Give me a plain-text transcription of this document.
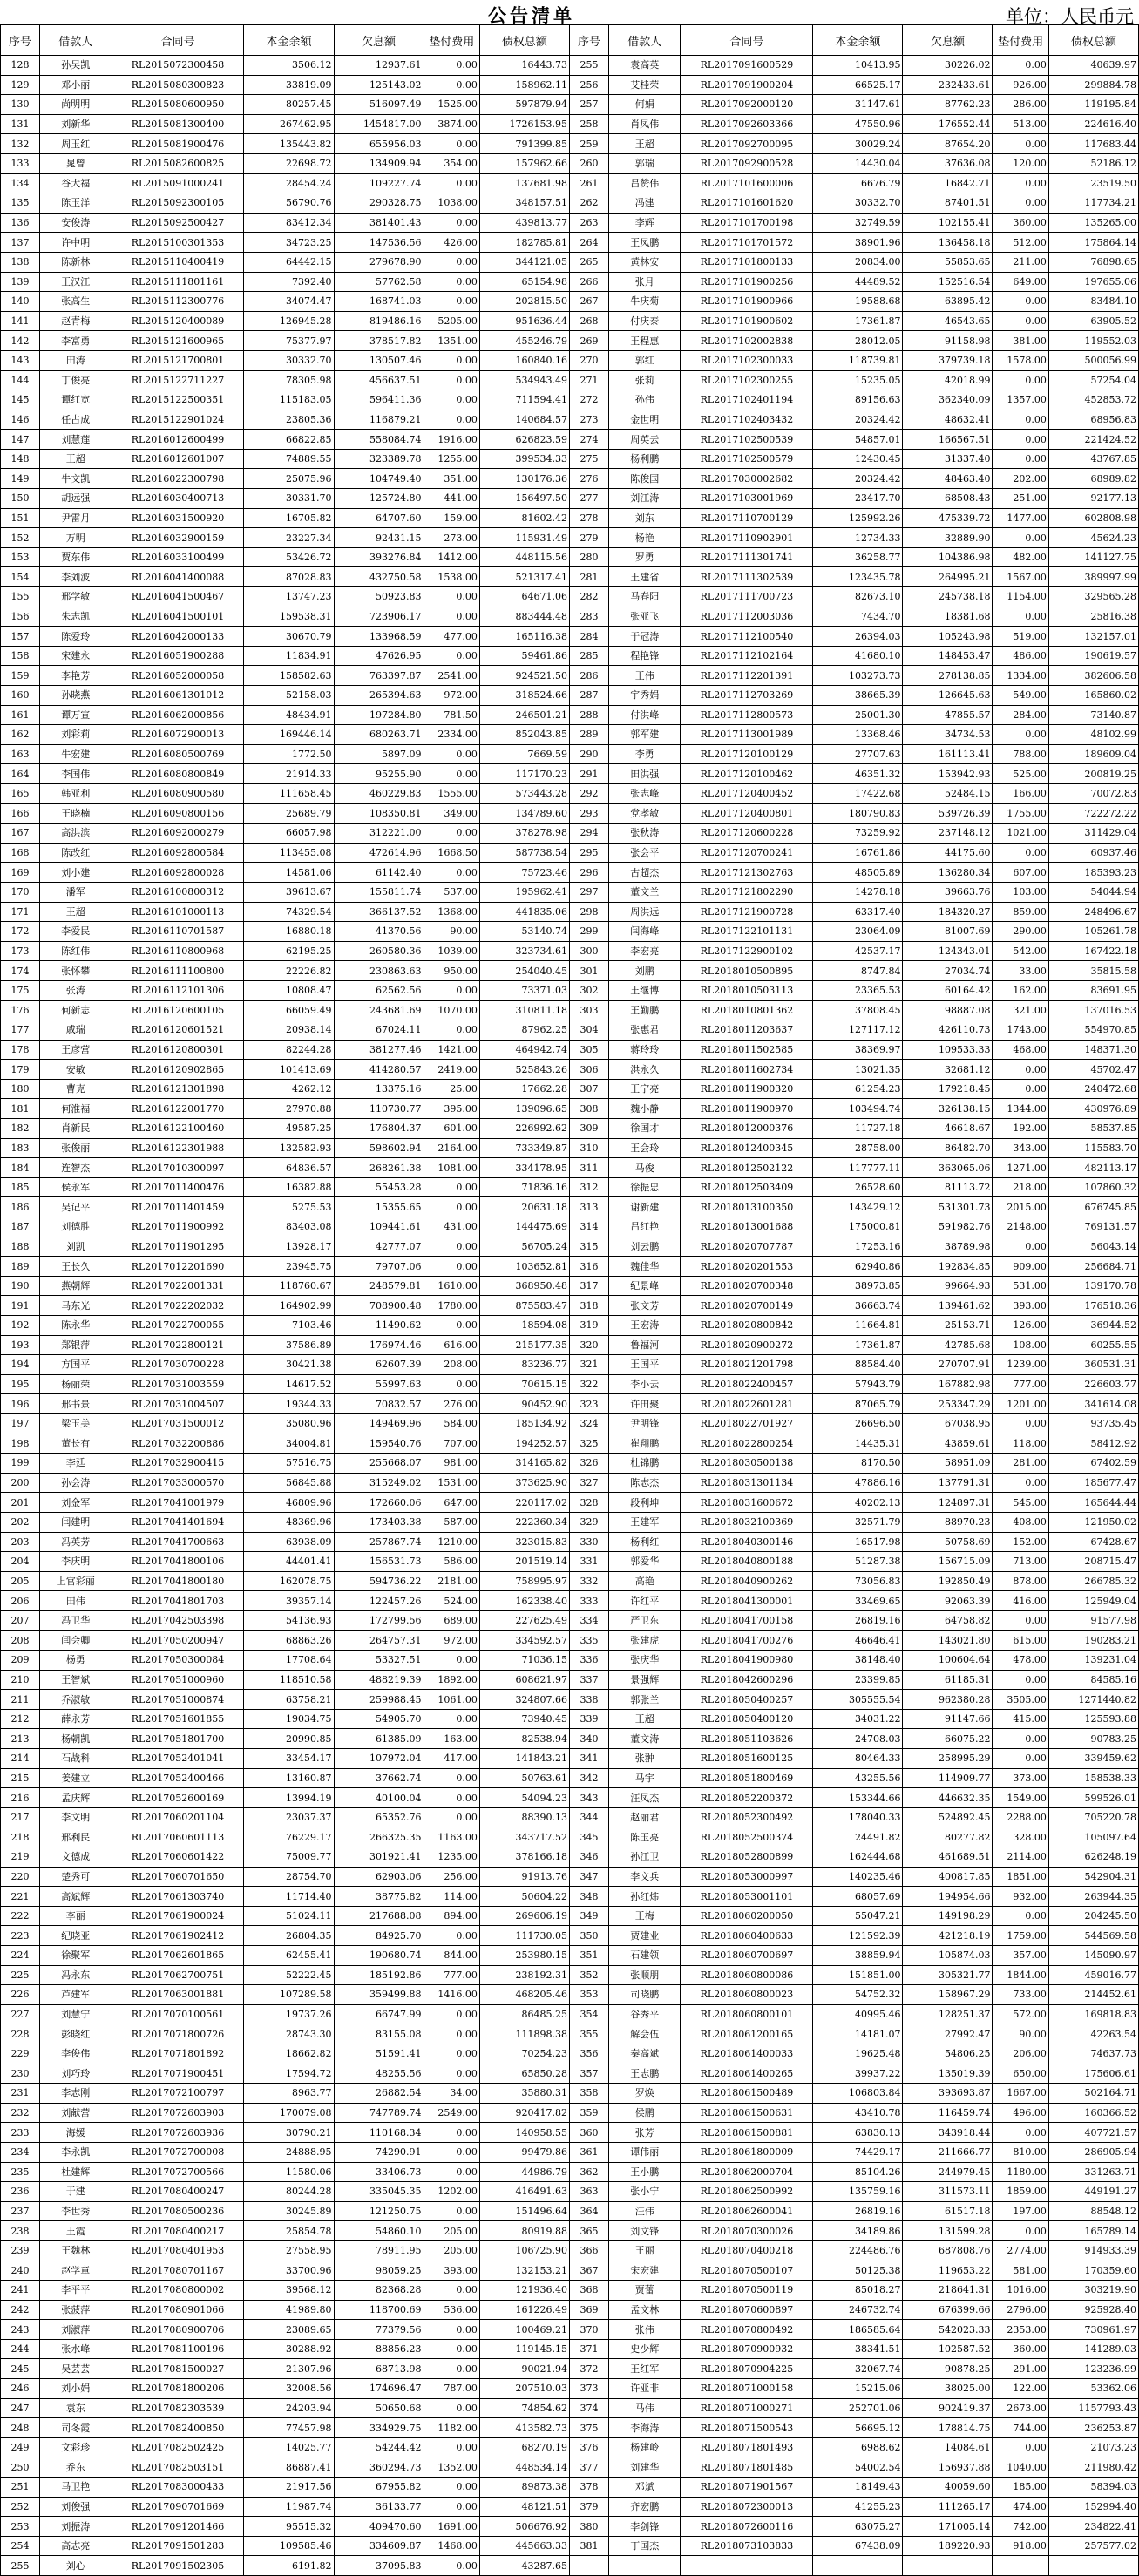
公告清单	单位：人民币元
序号	借款人	合同号	本金余额	欠息额	垫付费用	债权总额	序号	借款人	合同号	本金余额	欠息额	垫付费用	债权总额
128	孙吴凯	RL2015072300458	3506.12	12937.61	0.00	16443.73	255	袁高英	RL2017091600529	10413.95	30226.02	0.00	40639.97
129	邓小丽	RL2015080300823	33819.09	125143.02	0.00	158962.11	256	艾桂荣	RL2017091900204	66525.17	232433.61	926.00	299884.78
130	尚明明	RL2015080600950	80257.45	516097.49	1525.00	597879.94	257	何娟	RL2017092000120	31147.61	87762.23	286.00	119195.84
131	刘新华	RL2015081300400	267462.95	1454817.00	3874.00	1726153.95	258	肖凤伟	RL2017092603366	47550.96	176552.44	513.00	224616.40
132	周玉红	RL2015081900476	135443.82	655956.03	0.00	791399.85	259	王超	RL2017092700095	30029.24	87654.20	0.00	117683.44
133	晁曾	RL2015082600825	22698.72	134909.94	354.00	157962.66	260	郭瑞	RL2017092900528	14430.04	37636.08	120.00	52186.12
134	谷大福	RL2015091000241	28454.24	109227.74	0.00	137681.98	261	吕赞伟	RL2017101600006	6676.79	16842.71	0.00	23519.50
135	陈玉洋	RL2015092300105	56790.76	290328.75	1038.00	348157.51	262	冯建	RL2017101601620	30332.70	87401.51	0.00	117734.21
136	安俊涛	RL2015092500427	83412.34	381401.43	0.00	439813.77	263	李辉	RL2017101700198	32749.59	102155.41	360.00	135265.00
137	许中明	RL2015100301353	34723.25	147536.56	426.00	182785.81	264	王凤鹏	RL2017101701572	38901.96	136458.18	512.00	175864.14
138	陈新林	RL2015110400419	64442.15	279678.90	0.00	344121.05	265	黄林安	RL2017101800133	20834.00	55853.65	211.00	76898.65
139	王汉江	RL2015111801161	7392.40	57762.58	0.00	65154.98	266	张月	RL2017101900256	44489.52	152516.54	649.00	197655.06
140	张高生	RL2015112300776	34074.47	168741.03	0.00	202815.50	267	牛庆菊	RL2017101900966	19588.68	63895.42	0.00	83484.10
141	赵青梅	RL2015120400089	126945.28	819486.16	5205.00	951636.44	268	付庆泰	RL2017101900602	17361.87	46543.65	0.00	63905.52
142	李富勇	RL2015121600965	75377.97	378517.82	1351.00	455246.79	269	王程惠	RL2017102002838	28012.05	91158.98	381.00	119552.03
143	田涛	RL2015121700801	30332.70	130507.46	0.00	160840.16	270	郭红	RL2017102300033	118739.81	379739.18	1578.00	500056.99
144	丁俊亮	RL2015122711227	78305.98	456637.51	0.00	534943.49	271	张莉	RL2017102300255	15235.05	42018.99	0.00	57254.04
145	谭红宽	RL2015122500351	115183.05	596411.36	0.00	711594.41	272	孙伟	RL2017102401194	89156.63	362340.09	1357.00	452853.72
146	任占成	RL2015122901024	23805.36	116879.21	0.00	140684.57	273	金世明	RL2017102403432	20324.42	48632.41	0.00	68956.83
147	刘慧莲	RL2016012600499	66822.85	558084.74	1916.00	626823.59	274	周英云	RL2017102500539	54857.01	166567.51	0.00	221424.52
148	王超	RL2016012601007	74889.55	323389.78	1255.00	399534.33	275	杨利鹏	RL2017102500579	12430.45	31337.40	0.00	43767.85
149	牛文凯	RL2016022300798	25075.96	104749.40	351.00	130176.36	276	陈俊国	RL2017030002682	20324.42	48463.40	202.00	68989.82
150	胡远强	RL2016030400713	30331.70	125724.80	441.00	156497.50	277	刘江涛	RL2017103001969	23417.70	68508.43	251.00	92177.13
151	尹雷月	RL2016031500920	16705.82	64707.60	159.00	81602.42	278	刘东	RL2017110700129	125992.26	475339.72	1477.00	602808.98
152	万明	RL2016032900159	23227.34	92431.15	273.00	115931.49	279	杨艳	RL2017110902901	12734.33	32889.90	0.00	45624.23
153	贾东伟	RL2016033100499	53426.72	393276.84	1412.00	448115.56	280	罗勇	RL2017111301741	36258.77	104386.98	482.00	141127.75
154	李刘波	RL2016041400088	87028.83	432750.58	1538.00	521317.41	281	王建省	RL2017111302539	123435.78	264995.21	1567.00	389997.99
155	邢学敏	RL2016041500467	13747.23	50923.83	0.00	64671.06	282	马春阳	RL2017111700723	82673.10	245738.18	1154.00	329565.28
156	朱志凯	RL2016041500101	159538.31	723906.17	0.00	883444.48	283	张亚飞	RL2017112003036	7434.70	18381.68	0.00	25816.38
157	陈爱玲	RL2016042000133	30670.79	133968.59	477.00	165116.38	284	于冠涛	RL2017112100540	26394.03	105243.98	519.00	132157.01
158	宋建永	RL2016051900288	11834.91	47626.95	0.00	59461.86	285	程艳锋	RL2017112102164	41680.10	148453.47	486.00	190619.57
159	李艳芳	RL2016052000058	158582.63	763397.87	2541.00	924521.50	286	王伟	RL2017112201391	103273.73	278138.85	1334.00	382606.58
160	孙晓燕	RL2016061301012	52158.03	265394.63	972.00	318524.66	287	宇秀娟	RL2017112703269	38665.39	126645.63	549.00	165860.02
161	谭万宣	RL2016062000856	48434.91	197284.80	781.50	246501.21	288	付洪峰	RL2017112800573	25001.30	47855.57	284.00	73140.87
162	刘彩莉	RL2016072900013	169446.14	680263.71	2334.00	852043.85	289	郭军建	RL2017113001989	13368.46	34734.53	0.00	48102.99
163	牛宏建	RL2016080500769	1772.50	5897.09	0.00	7669.59	290	李勇	RL2017120100129	27707.63	161113.41	788.00	189609.04
164	李国伟	RL2016080800849	21914.33	95255.90	0.00	117170.23	291	田洪强	RL2017120100462	46351.32	153942.93	525.00	200819.25
165	韩亚利	RL2016080900580	111658.45	460229.83	1555.00	573443.28	292	张志峰	RL2017120400452	17422.68	52484.15	166.00	70072.83
166	王晓楠	RL2016090800156	25689.79	108350.81	349.00	134789.60	293	党孝敏	RL2017120400801	180790.83	539726.39	1755.00	722272.22
167	高洪滨	RL2016092000279	66057.98	312221.00	0.00	378278.98	294	张秋涛	RL2017120600228	73259.92	237148.12	1021.00	311429.04
168	陈改红	RL2016092800584	113455.08	472614.96	1668.50	587738.54	295	张会平	RL2017120700241	16761.86	44175.60	0.00	60937.46
169	刘小建	RL2016092800028	14581.06	61142.40	0.00	75723.46	296	古超杰	RL2017121302763	48505.89	136280.34	607.00	185393.23
170	潘军	RL2016100800312	39613.67	155811.74	537.00	195962.41	297	董文兰	RL2017121802290	14278.18	39663.76	103.00	54044.94
171	王超	RL2016101000113	74329.54	366137.52	1368.00	441835.06	298	周洪远	RL2017121900728	63317.40	184320.27	859.00	248496.67
172	李爱民	RL2016110701587	16880.18	41370.56	90.00	53140.74	299	闫海峰	RL2017122101131	23064.09	81007.69	290.00	105261.78
173	陈红伟	RL2016110800968	62195.25	260580.36	1039.00	323734.61	300	李宏亮	RL2017122900102	42537.17	124343.01	542.00	167422.18
174	张怀攀	RL2016111100800	22226.82	230863.63	950.00	254040.45	301	刘鹏	RL2018010500895	8747.84	27034.74	33.00	35815.58
175	张涛	RL2016112101306	10808.47	62562.56	0.00	73371.03	302	王继博	RL2018010503113	23365.53	60164.42	162.00	83691.95
176	何新志	RL2016120600105	66059.49	243681.69	1070.00	310811.18	303	王勤鹏	RL2018010801362	37808.45	98887.08	321.00	137016.53
177	戚瑞	RL2016120601521	20938.14	67024.11	0.00	87962.25	304	张惠君	RL2018011203637	127117.12	426110.73	1743.00	554970.85
178	王彦营	RL2016120800301	82244.28	381277.46	1421.00	464942.74	305	蒋玲玲	RL2018011502585	38369.97	109533.33	468.00	148371.30
179	安敏	RL2016120902865	101413.69	414280.57	2419.00	525843.26	306	洪永久	RL2018011602734	13021.35	32681.12	0.00	45702.47
180	曹克	RL2016121301898	4262.12	13375.16	25.00	17662.28	307	王宁亮	RL2018011900320	61254.23	179218.45	0.00	240472.68
181	何淮福	RL2016122001770	27970.88	110730.77	395.00	139096.65	308	魏小静	RL2018011900970	103494.74	326138.15	1344.00	430976.89
182	肖新民	RL2016122100460	49587.25	176804.37	601.00	226992.62	309	徐国才	RL2018012000376	11727.18	46618.67	192.00	58537.85
183	张俊丽	RL2016122301988	132582.93	598602.94	2164.00	733349.87	310	王会玲	RL2018012400345	28758.00	86482.70	343.00	115583.70
184	连智杰	RL2017010300097	64836.57	268261.38	1081.00	334178.95	311	马俊	RL2018012502122	117777.11	363065.06	1271.00	482113.17
185	侯永军	RL2017011400476	16382.88	55453.28	0.00	71836.16	312	徐振忠	RL2018012503409	26528.60	81113.72	218.00	107860.32
186	吴记平	RL2017011401459	5275.53	15355.65	0.00	20631.18	313	谢新建	RL2018013100350	143429.12	531301.73	2015.00	676745.85
187	刘德胜	RL2017011900992	83403.08	109441.61	431.00	144475.69	314	吕红艳	RL2018013001688	175000.81	591982.76	2148.00	769131.57
188	刘凯	RL2017011901295	13928.17	42777.07	0.00	56705.24	315	刘云鹏	RL2018020707787	17253.16	38789.98	0.00	56043.14
189	王长久	RL2017012201690	23945.75	79707.06	0.00	103652.81	316	魏佳华	RL2018020201553	62940.86	192834.85	909.00	256684.71
190	燕朝辉	RL2017022001331	118760.67	248579.81	1610.00	368950.48	317	纪景峰	RL2018020700348	38973.85	99664.93	531.00	139170.78
191	马东光	RL2017022202032	164902.99	708900.48	1780.00	875583.47	318	张文芳	RL2018020700149	36663.74	139461.62	393.00	176518.36
192	陈永华	RL2017022700055	7103.46	11490.62	0.00	18594.08	319	王宏涛	RL2018020800842	11664.81	25153.71	126.00	36944.52
193	郑银萍	RL2017022800121	37586.89	176974.46	616.00	215177.35	320	鲁福河	RL2018020900272	17361.87	42785.68	108.00	60255.55
194	方国平	RL2017030700228	30421.38	62607.39	208.00	83236.77	321	王国平	RL2018021201798	88584.40	270707.91	1239.00	360531.31
195	杨丽荣	RL2017031003559	14617.52	55997.63	0.00	70615.15	322	李小云	RL2018022400457	57943.79	167882.98	777.00	226603.77
196	邢书景	RL2017031004507	19344.33	70832.57	276.00	90452.90	323	许田聚	RL2018022601281	87065.79	253347.29	1201.00	341614.08
197	梁玉美	RL2017031500012	35080.96	149469.96	584.00	185134.92	324	尹明锋	RL2018022701927	26696.50	67038.95	0.00	93735.45
198	董长有	RL2017032200886	34004.81	159540.76	707.00	194252.57	325	崔翔鹏	RL2018022800254	14435.31	43859.61	118.00	58412.92
199	李廷	RL2017032900415	57516.75	255668.07	981.00	314165.82	326	杜锦鹏	RL2018030500138	8170.50	58951.09	281.00	67402.59
200	孙会涛	RL2017033000570	56845.88	315249.02	1531.00	373625.90	327	陈志杰	RL2018031301134	47886.16	137791.31	0.00	185677.47
201	刘金军	RL2017041001979	46809.96	172660.06	647.00	220117.02	328	段利坤	RL2018031600672	40202.13	124897.31	545.00	165644.44
202	闫建明	RL2017041401694	48369.96	173403.38	587.00	222360.34	329	王建军	RL2018032100369	32571.79	88970.23	408.00	121950.02
203	冯英芳	RL2017041700663	63938.09	257867.74	1210.00	323015.83	330	杨利红	RL2018040300146	16517.98	50758.69	152.00	67428.67
204	李庆明	RL2017041800106	44401.41	156531.73	586.00	201519.14	331	郭爱华	RL2018040800188	51287.38	156715.09	713.00	208715.47
205	上官彩丽	RL2017041800180	162078.75	594736.22	2181.00	758995.97	332	高艳	RL2018040900262	73056.83	192850.49	878.00	266785.32
206	田伟	RL2017041801703	39357.14	122457.26	524.00	162338.40	333	许红平	RL2018041300001	33469.65	92063.39	416.00	125949.04
207	冯卫华	RL2017042503398	54136.93	172799.56	689.00	227625.49	334	严卫东	RL2018041700158	26819.16	64758.82	0.00	91577.98
208	闫会卿	RL2017050200947	68863.26	264757.31	972.00	334592.57	335	张建虎	RL2018041700276	46646.41	143021.80	615.00	190283.21
209	杨勇	RL2017050300084	17708.64	53327.51	0.00	71036.15	336	张庆华	RL2018041900980	38148.40	100604.64	478.00	139231.04
210	王智斌	RL2017051000960	118510.58	488219.39	1892.00	608621.97	337	景强辉	RL2018042600296	23399.85	61185.31	0.00	84585.16
211	乔淑敏	RL2017051000874	63758.21	259988.45	1061.00	324807.66	338	郭张兰	RL2018050400257	305555.54	962380.28	3505.00	1271440.82
212	薛永芳	RL2017051601855	19034.75	54905.70	0.00	73940.45	339	王超	RL2018050400120	34031.22	91147.66	415.00	125593.88
213	杨朝凯	RL2017051801700	20990.85	61385.09	163.00	82538.94	340	董文涛	RL2018051103626	24708.03	66075.22	0.00	90783.25
214	石战科	RL2017052401041	33454.17	107972.04	417.00	141843.21	341	张翀	RL2018051600125	80464.33	258995.29	0.00	339459.62
215	姜建立	RL2017052400466	13160.87	37662.74	0.00	50763.61	342	马宇	RL2018051800469	43255.56	114909.77	373.00	158538.33
216	孟庆辉	RL2017052600169	13994.19	40100.04	0.00	54094.23	343	汪凤杰	RL2018052200372	153344.66	446632.35	1549.00	599526.01
217	李文明	RL2017060201104	23037.37	65352.76	0.00	88390.13	344	赵丽君	RL2018052300492	178040.33	524892.45	2288.00	705220.78
218	邢利民	RL2017060601113	76229.17	266325.35	1163.00	343717.52	345	陈玉亮	RL2018052500374	24491.82	80277.82	328.00	105097.64
219	文德成	RL2017060601422	75009.77	301921.41	1235.00	378166.18	346	孙江卫	RL2018052800899	162444.68	461689.51	2114.00	626248.19
220	楚秀可	RL2017060701650	28754.70	62903.06	256.00	91913.76	347	李文兵	RL2018053000997	140235.46	400817.85	1851.00	542904.31
221	高斌辉	RL2017061303740	11714.40	38775.82	114.00	50604.22	348	孙红炜	RL2018053001101	68057.69	194954.66	932.00	263944.35
222	李丽	RL2017061900024	51024.11	217688.08	894.00	269606.19	349	王梅	RL2018060200050	55047.21	149198.29	0.00	204245.50
223	纪晓亚	RL2017061902412	26804.35	84925.70	0.00	111730.05	350	贾建业	RL2018060400633	121592.39	421218.19	1759.00	544569.58
224	徐聚军	RL2017062601865	62455.41	190680.74	844.00	253980.15	351	石建领	RL2018060700697	38859.94	105874.03	357.00	145090.97
225	冯永东	RL2017062700751	52222.45	185192.86	777.00	238192.31	352	张顺朋	RL2018060800086	151851.00	305321.77	1844.00	459016.77
226	芦建军	RL2017063001881	107289.58	359499.88	1416.00	468205.46	353	司晓鹏	RL2018060800023	54752.32	158967.29	733.00	214452.61
227	刘慧宁	RL2017070100561	19737.26	66747.99	0.00	86485.25	354	谷秀平	RL2018060800101	40995.46	128251.37	572.00	169818.83
228	彭晓红	RL2017071800726	28743.30	83155.08	0.00	111898.38	355	解会伍	RL2018061200165	14181.07	27992.47	90.00	42263.54
229	李俊伟	RL2017071801892	18662.82	51591.41	0.00	70254.23	356	秦高斌	RL2018061400033	19625.48	54806.25	206.00	74637.73
230	刘巧玲	RL2017071900451	17594.72	48255.56	0.00	65850.28	357	王志鹏	RL2018061400265	39937.22	135019.39	650.00	175606.61
231	李志刚	RL2017072100797	8963.77	26882.54	34.00	35880.31	358	罗焕	RL2018061500489	106803.84	393693.87	1667.00	502164.71
232	刘献营	RL2017072603903	170079.08	747789.74	2549.00	920417.82	359	侯鹏	RL2018061500631	43410.78	116459.74	496.00	160366.52
233	海媛	RL2017072603936	30790.21	110168.34	0.00	140958.55	360	张芳	RL2018061500881	63830.13	343918.44	0.00	407721.57
234	李永凯	RL2017072700008	24888.95	74290.91	0.00	99479.86	361	谭伟丽	RL2018061800009	74429.17	211666.77	810.00	286905.94
235	杜建辉	RL2017072700566	11580.06	33406.73	0.00	44986.79	362	王小鹏	RL2018062000704	85104.26	244979.45	1180.00	331263.71
236	于建	RL2017080400247	80244.28	335045.35	1202.00	416491.63	363	张小宁	RL2018062500992	135759.16	311573.11	1859.00	449191.27
237	李世秀	RL2017080500236	30245.89	121250.75	0.00	151496.64	364	汪伟	RL2018062600041	26819.16	61517.18	197.00	88548.12
238	王霞	RL2017080400217	25854.78	54860.10	205.00	80919.88	365	刘文锋	RL2018070300026	34189.86	131599.28	0.00	165789.14
239	王魏林	RL2017080401953	27558.95	78911.95	205.00	106725.90	366	王丽	RL2018070400218	224486.76	687808.76	2774.00	914933.39
240	赵学章	RL2017080701167	33700.96	98059.25	393.00	132153.21	367	宋宏建	RL2018070500107	50125.38	119653.22	581.00	170359.60
241	李平平	RL2017080800002	39568.12	82368.28	0.00	121936.40	368	贾蕾	RL2018070500119	85018.27	218641.31	1016.00	303219.90
242	张菠萍	RL2017080901066	41989.80	118700.69	536.00	161226.49	369	孟文林	RL2018070600897	246732.74	676399.66	2796.00	925928.40
243	刘淑萍	RL2017080900706	23089.65	77379.56	0.00	100469.21	370	张伟	RL2018070800492	186585.64	542023.33	2353.00	730961.97
244	张水峰	RL2017081100196	30288.92	88856.23	0.00	119145.15	371	史少辉	RL2018070900932	38341.51	102587.52	360.00	141289.03
245	吴芸芸	RL2017081500027	21307.96	68713.98	0.00	90021.94	372	王红军	RL2018070904225	32067.74	90878.25	291.00	123236.99
246	刘小娟	RL2017081800206	32008.56	174696.47	787.00	207510.03	373	许亚非	RL2018071000158	15215.06	38025.00	122.00	53362.06
247	袁东	RL2017082303539	24203.94	50650.68	0.00	74854.62	374	马伟	RL2018071000271	252701.06	902419.37	2673.00	1157793.43
248	司冬霞	RL2017082400850	77457.98	334929.75	1182.00	413582.73	375	李海涛	RL2018071500543	56695.12	178814.75	744.00	236253.87
249	文彩珍	RL2017082502425	14025.77	54244.42	0.00	68270.19	376	杨建岭	RL2018071801493	6988.62	14084.61	0.00	21073.23
250	乔东	RL2017082503151	86887.41	360294.73	1352.00	448534.14	377	刘建华	RL2018071801485	54002.54	156937.88	1040.00	211980.42
251	马卫艳	RL2017083000433	21917.56	67955.82	0.00	89873.38	378	邓斌	RL2018071901567	18149.43	40059.60	185.00	58394.03
252	刘俊强	RL2017090701669	11987.74	36133.77	0.00	48121.51	379	齐宏鹏	RL2018072300013	41255.23	111265.17	474.00	152994.40
253	刘振涛	RL2017091201466	95515.32	409470.60	1691.00	506676.92	380	李剑锋	RL2018072600116	63075.27	171005.14	742.00	234822.41
254	高志亮	RL2017091501283	109585.46	334609.87	1468.00	445663.33	381	丁国杰	RL2018073103833	67438.09	189220.93	918.00	257577.02
255	刘心	RL2017091502305	6191.82	37095.83	0.00	43287.65							
